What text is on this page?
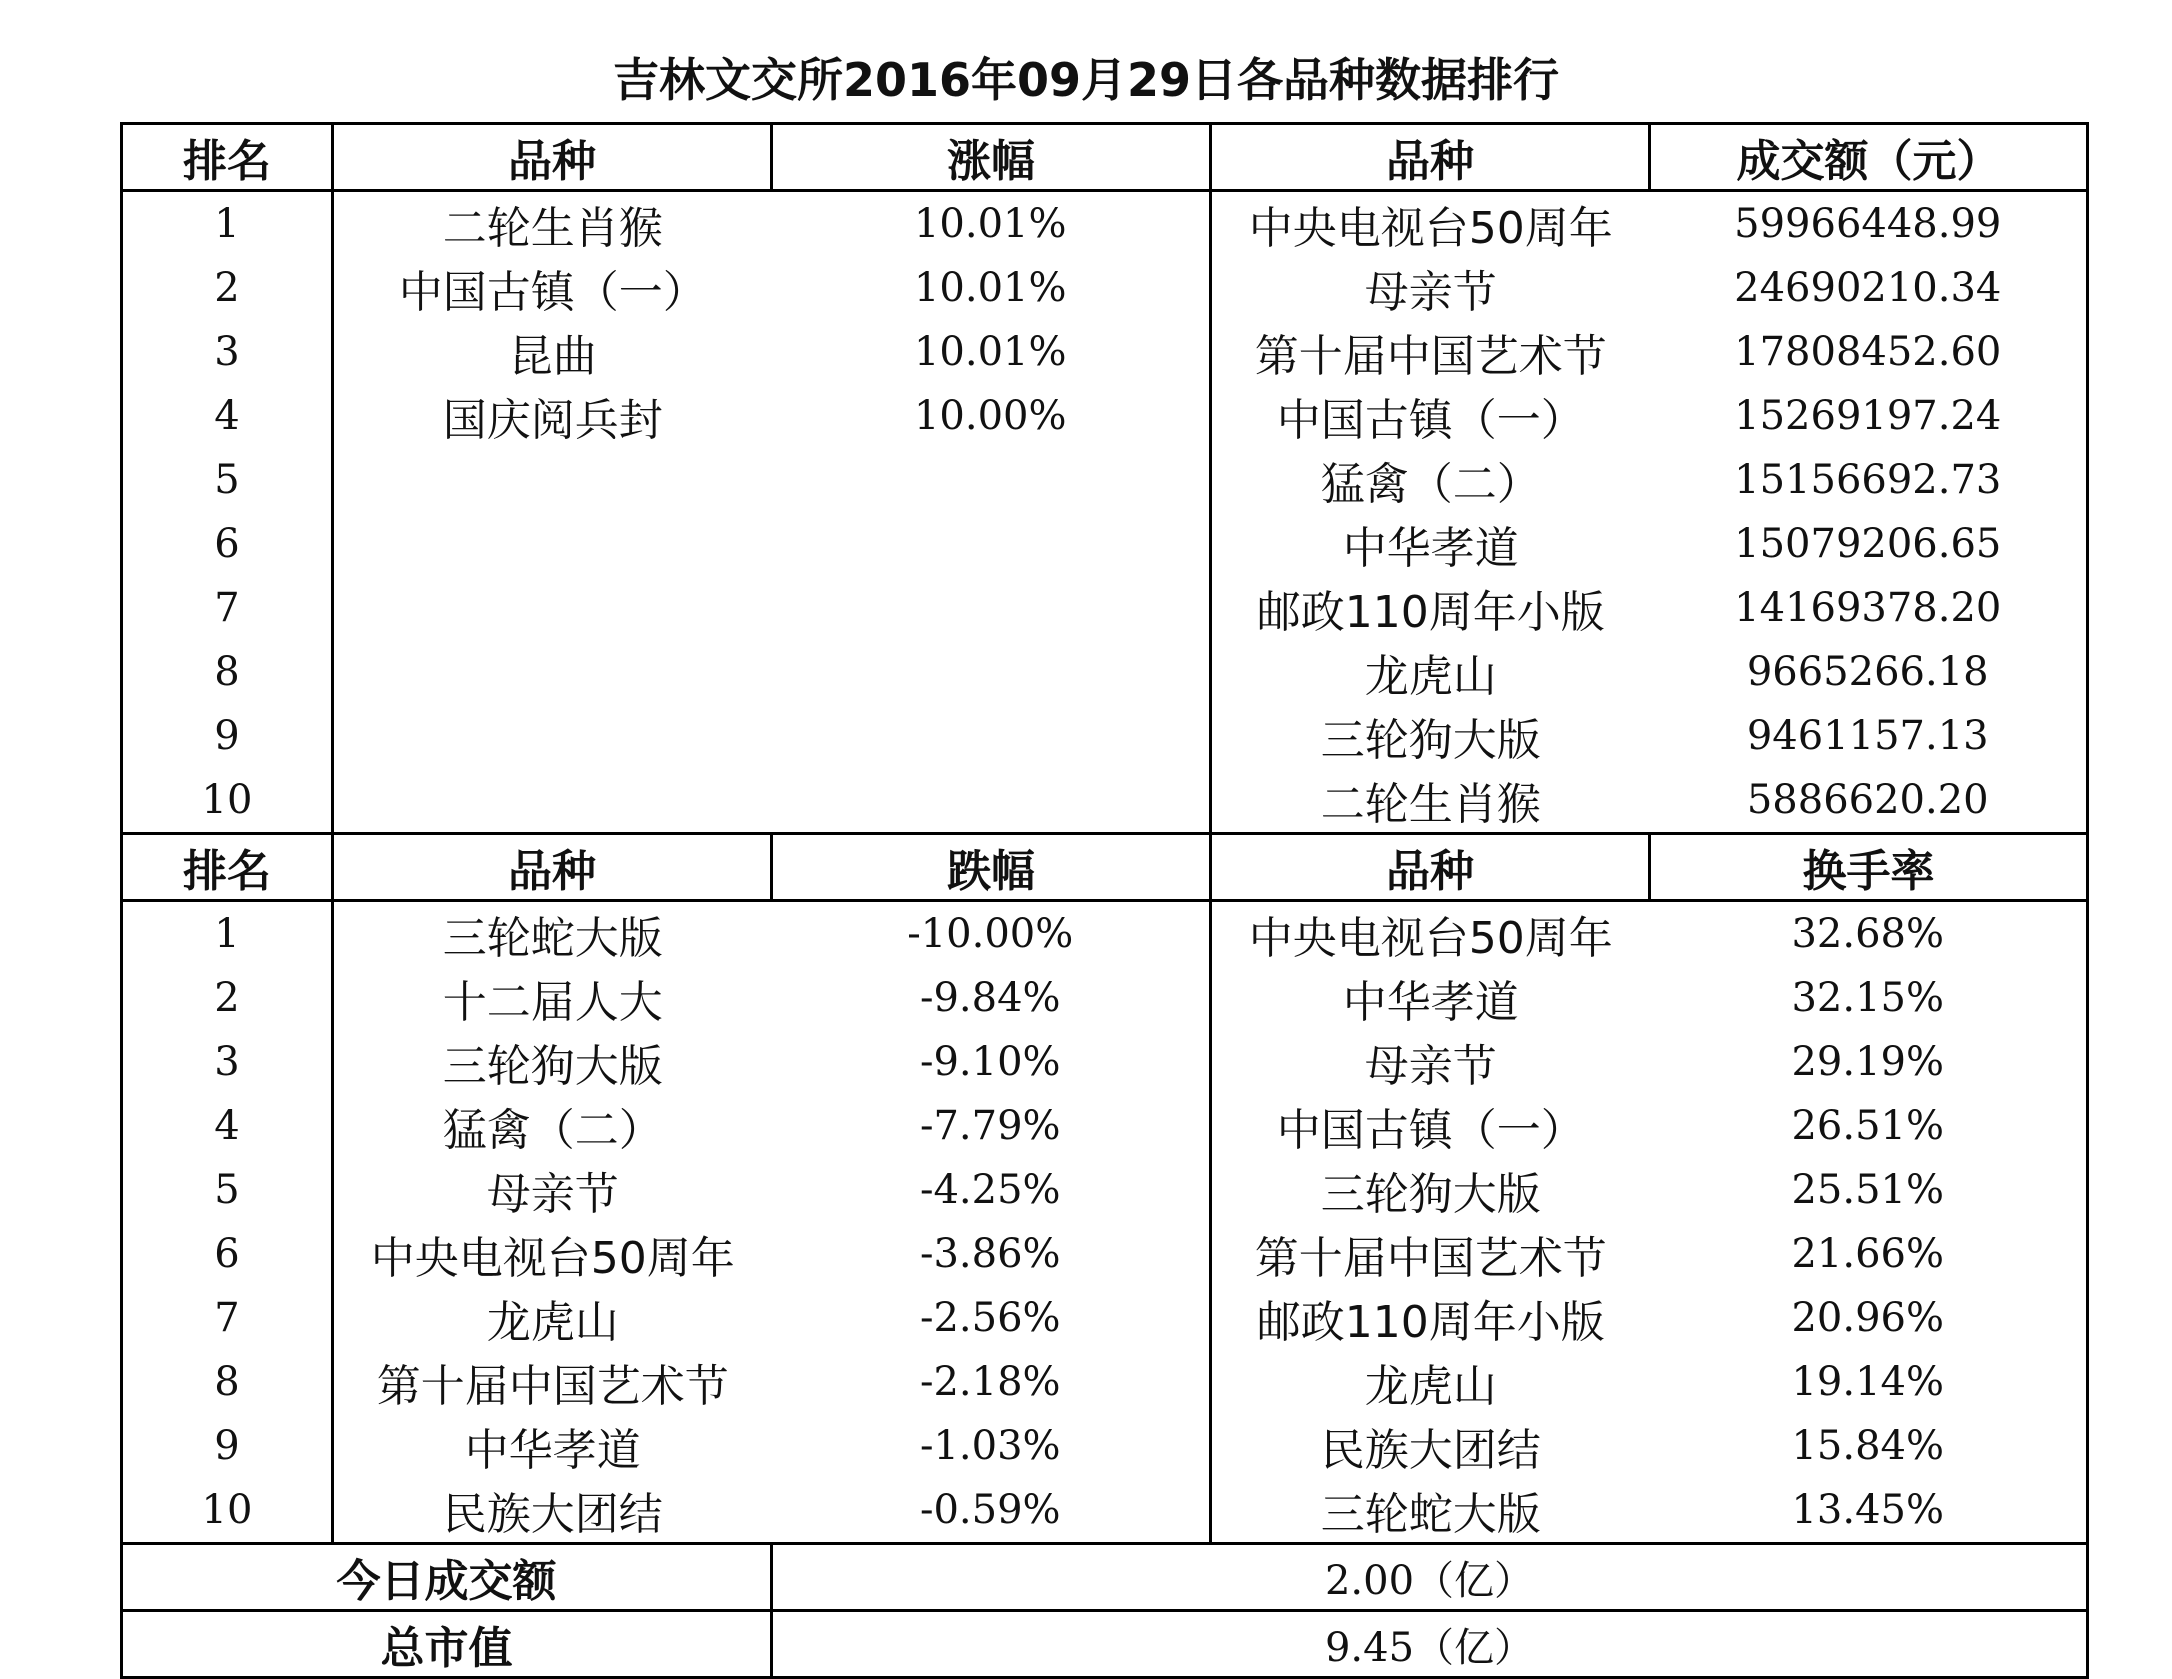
吉林文交所2016年09月29日各品种数据排行
排名	品种	涨幅	品种	成交额（元）
1	二轮生肖猴	10.01%	中央电视台50周年	59966448.99
2	中国古镇（一）	10.01%	母亲节	24690210.34
3	昆曲	10.01%	第十届中国艺术节	17808452.60
4	国庆阅兵封	10.00%	中国古镇（一）	15269197.24
5			猛禽（二）	15156692.73
6			中华孝道	15079206.65
7			邮政110周年小版	14169378.20
8			龙虎山	9665266.18
9			三轮狗大版	9461157.13
10			二轮生肖猴	5886620.20
排名	品种	跌幅	品种	换手率
1	三轮蛇大版	-10.00%	中央电视台50周年	32.68%
2	十二届人大	-9.84%	中华孝道	32.15%
3	三轮狗大版	-9.10%	母亲节	29.19%
4	猛禽（二）	-7.79%	中国古镇（一）	26.51%
5	母亲节	-4.25%	三轮狗大版	25.51%
6	中央电视台50周年	-3.86%	第十届中国艺术节	21.66%
7	龙虎山	-2.56%	邮政110周年小版	20.96%
8	第十届中国艺术节	-2.18%	龙虎山	19.14%
9	中华孝道	-1.03%	民族大团结	15.84%
10	民族大团结	-0.59%	三轮蛇大版	13.45%
今日成交额		2.00（亿）		
总市值		9.45（亿）		
